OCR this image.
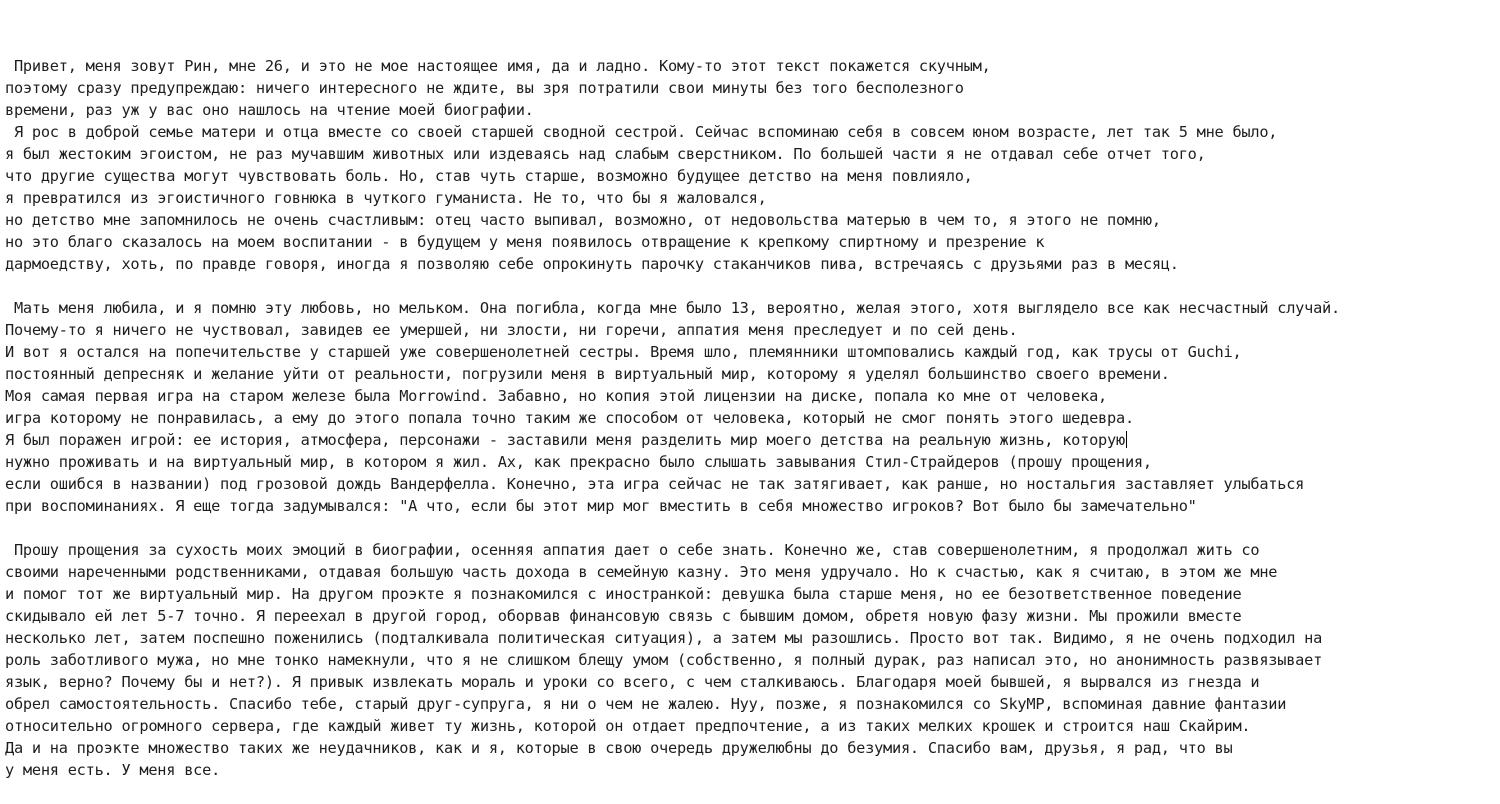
Привет, меня зовут Рин, мне 26, и это не мое настоящее имя, да и ладно. Кому-то этот текст покажется скучным,
поэтому сразу предупреждаю: ничего интересного не ждите, вы зря потратили свои минуты без того бесполезного
времени, раз уж у вас оно нашлось на чтение моей биографии.
Я рос в доброй семье матери и отца вместе со своей старшей сводной сестрой. Сейчас вспоминаю себя в совсем юном возрасте, лет так 5 мне было,
я был жестоким эгоистом, не раз мучавшим животных или издеваясь над слабым сверстником. По большей части я не отдавал себе отчет того,
что другие существа могут чувствовать боль. Но, став чуть старше, возможно будущее детство на меня повлияло,
я превратился из эгоистичного говнюка в чуткого гуманиста. Не то, что бы я жаловался,
но детство мне запомнилось не очень счастливым: отец часто выпивал, возможно, от недовольства матерью в чем то, я этого не помню,
но это благо сказалось на моем воспитании - в будущем у меня появилось отвращение к крепкому спиртному и презрение к
дармоедству, хоть, по правде говоря, иногда я позволяю себе опрокинуть парочку стаканчиков пива, встречаясь с друзьями раз в месяц.
Мать меня любила, и я помню эту любовь, но мельком. Она погибла, когда мне было 13, вероятно, желая этого, хотя выглядело все как несчастный случай.
Почему-то я ничего не чуствовал, завидев ее умершей, ни злости, ни горечи, аппатия меня преследует и по сей день.
И вот я остался на попечительстве у старшей уже совершенолетней сестры. Время шло, племянники штомповались каждый год, как трусы от Guchi,
постоянный депресняк и желание уйти от реальности, погрузили меня в виртуальный мир, которому я уделял большинство своего времени.
Моя самая первая игра на старом железе была Morrowind. Забавно, но копия этой лицензии на диске, попала ко мне от человека,
игра которому не понравилась, а ему до этого попала точно таким же способом от человека, который не смог понять этого шедевра.
Я был поражен игрой: ее история, атмосфера, персонажи - заставили меня разделить мир моего детства на реальную жизнь, которую
нужно проживать и на виртуальный мир, в котором я жил. Ах, как прекрасно было слышать завывания Стил-Страйдеров (прошу прощения,
если ошибся в названии) под грозовой дождь Вандерфелла. Конечно, эта игра сейчас не так затягивает, как ранше, но ностальгия заставляет улыбаться
при воспоминаниях. Я еще тогда задумывался: "А что, если бы этот мир мог вместить в себя множество игроков? Вот было бы замечательно"
Прошу прощения за сухость моих эмоций в биографии, осенняя аппатия дает о себе знать. Конечно же, став совершенолетним, я продолжал жить со
своими нареченными родственниками, отдавая большую часть дохода в семейную казну. Это меня удручало. Но к счастью, как я считаю, в этом же мне
и помог тот же виртуальный мир. На другом проэкте я познакомился с иностранкой: девушка была старше меня, но ее безответственное поведение
скидывало ей лет 5-7 точно. Я переехал в другой город, оборвав финансовую связь с бывшим домом, обретя новую фазу жизни. Мы прожили вместе
несколько лет, затем поспешно поженились (подталкивала политическая ситуация), а затем мы разошлись. Просто вот так. Видимо, я не очень подходил на
роль заботливого мужа, но мне тонко намекнули, что я не слишком блещу умом (собственно, я полный дурак, раз написал это, но анонимность развязывает
язык, верно? Почему бы и нет?). Я привык извлекать мораль и уроки со всего, с чем сталкиваюсь. Благодаря моей бывшей, я вырвался из гнезда и
обрел самостоятельность. Спасибо тебе, старый друг-супруга, я ни о чем не жалею. Нуу, позже, я познакомился со SkyMP, вспоминая давние фантазии
относительно огромного сервера, где каждый живет ту жизнь, которой он отдает предпочтение, а из таких мелких крошек и строится наш Скайрим.
Да и на проэкте множество таких же неудачников, как и я, которые в свою очередь дружелюбны до безумия. Спасибо вам, друзья, я рад, что вы
у меня есть. У меня все.
